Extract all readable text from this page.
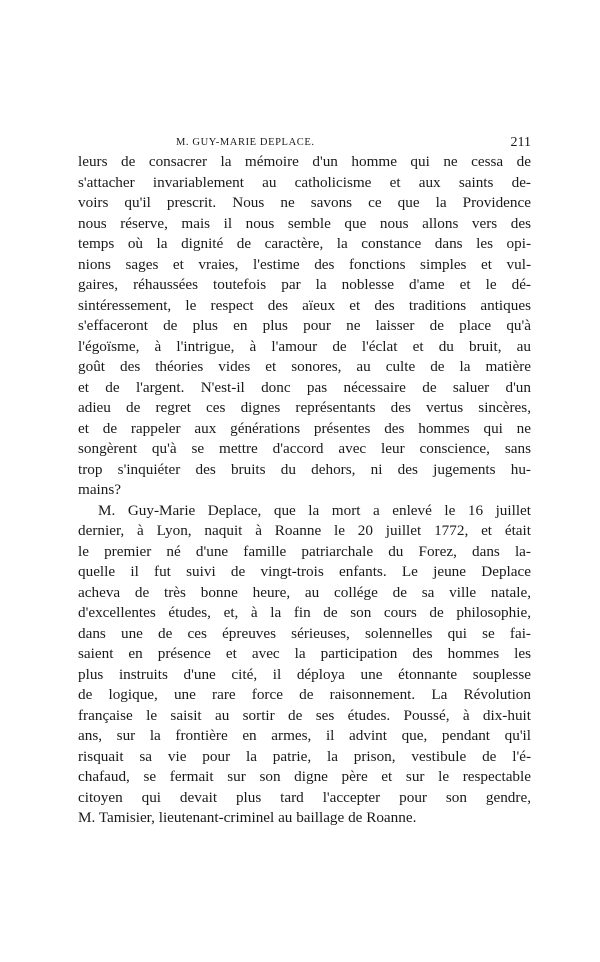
M. GUY-MARIE DEPLACE.	211
leurs de consacrer la mémoire d'un homme qui ne cessa de
s'attacher invariablement au catholicisme et aux saints de-
voirs qu'il prescrit. Nous ne savons ce que la Providence
nous réserve, mais il nous semble que nous allons vers des
temps où la dignité de caractère, la constance dans les opi-
nions sages et vraies, l'estime des fonctions simples et vul-
gaires, réhaussées toutefois par la noblesse d'ame et le dé-
sintéressement, le respect des aïeux et des traditions antiques
s'effaceront de plus en plus pour ne laisser de place qu'à
l'égoïsme, à l'intrigue, à l'amour de l'éclat et du bruit, au
goût des théories vides et sonores, au culte de la matière
et de l'argent. N'est-il donc pas nécessaire de saluer d'un
adieu de regret ces dignes représentants des vertus sincères,
et de rappeler aux générations présentes des hommes qui ne
songèrent qu'à se mettre d'accord avec leur conscience, sans
trop s'inquiéter des bruits du dehors, ni des jugements hu-
mains?
M. Guy-Marie Deplace, que la mort a enlevé le 16 juillet
dernier, à Lyon, naquit à Roanne le 20 juillet 1772, et était
le premier né d'une famille patriarchale du Forez, dans la-
quelle il fut suivi de vingt-trois enfants. Le jeune Deplace
acheva de très bonne heure, au collége de sa ville natale,
d'excellentes études, et, à la fin de son cours de philosophie,
dans une de ces épreuves sérieuses, solennelles qui se fai-
saient en présence et avec la participation des hommes les
plus instruits d'une cité, il déploya une étonnante souplesse
de logique, une rare force de raisonnement. La Révolution
française le saisit au sortir de ses études. Poussé, à dix-huit
ans, sur la frontière en armes, il advint que, pendant qu'il
risquait sa vie pour la patrie, la prison, vestibule de l'é-
chafaud, se fermait sur son digne père et sur le respectable
citoyen qui devait plus tard l'accepter pour son gendre,
M. Tamisier, lieutenant-criminel au baillage de Roanne.
